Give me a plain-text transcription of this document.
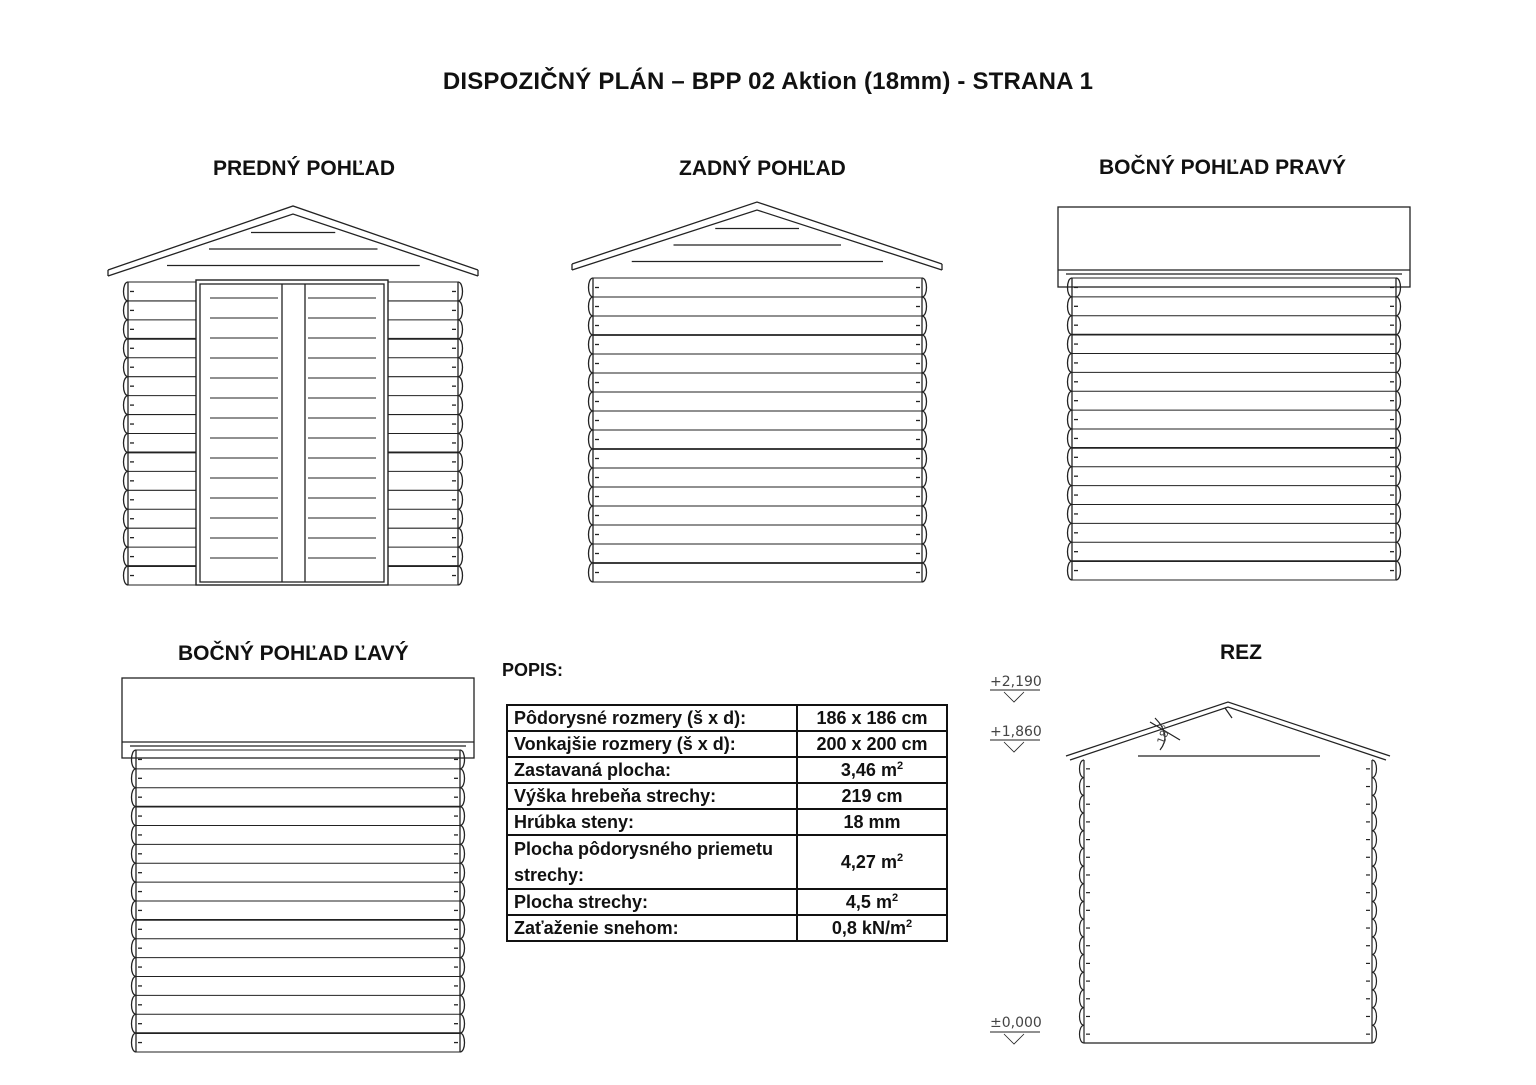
DISPOZIČNÝ PLÁN – BPP 02 Aktion (18mm) - STRANA 1
PREDNÝ POHĽAD	ZADNÝ POHĽAD	BOČNÝ POHĽAD PRAVÝ
BOČNÝ POHĽAD ĽAVÝ	REZ
18°
POPIS:
Pôdorysné rozmery (š x d):	186 x 186 cm
Vonkajšie rozmery (š x d):	200 x 200 cm
Zastavaná plocha:	3,46 $m^2$
Výška hrebeňa strechy:	219 cm
Hrúbka steny:	18 mm
Plocha pôdorysného priemetu strechy:	4,27 $m^2$
Plocha strechy:	4,5 $m^2$
Zaťaženie snehom:	0,8 $kN/m^2$
+2,190
+1,860
±0,000
